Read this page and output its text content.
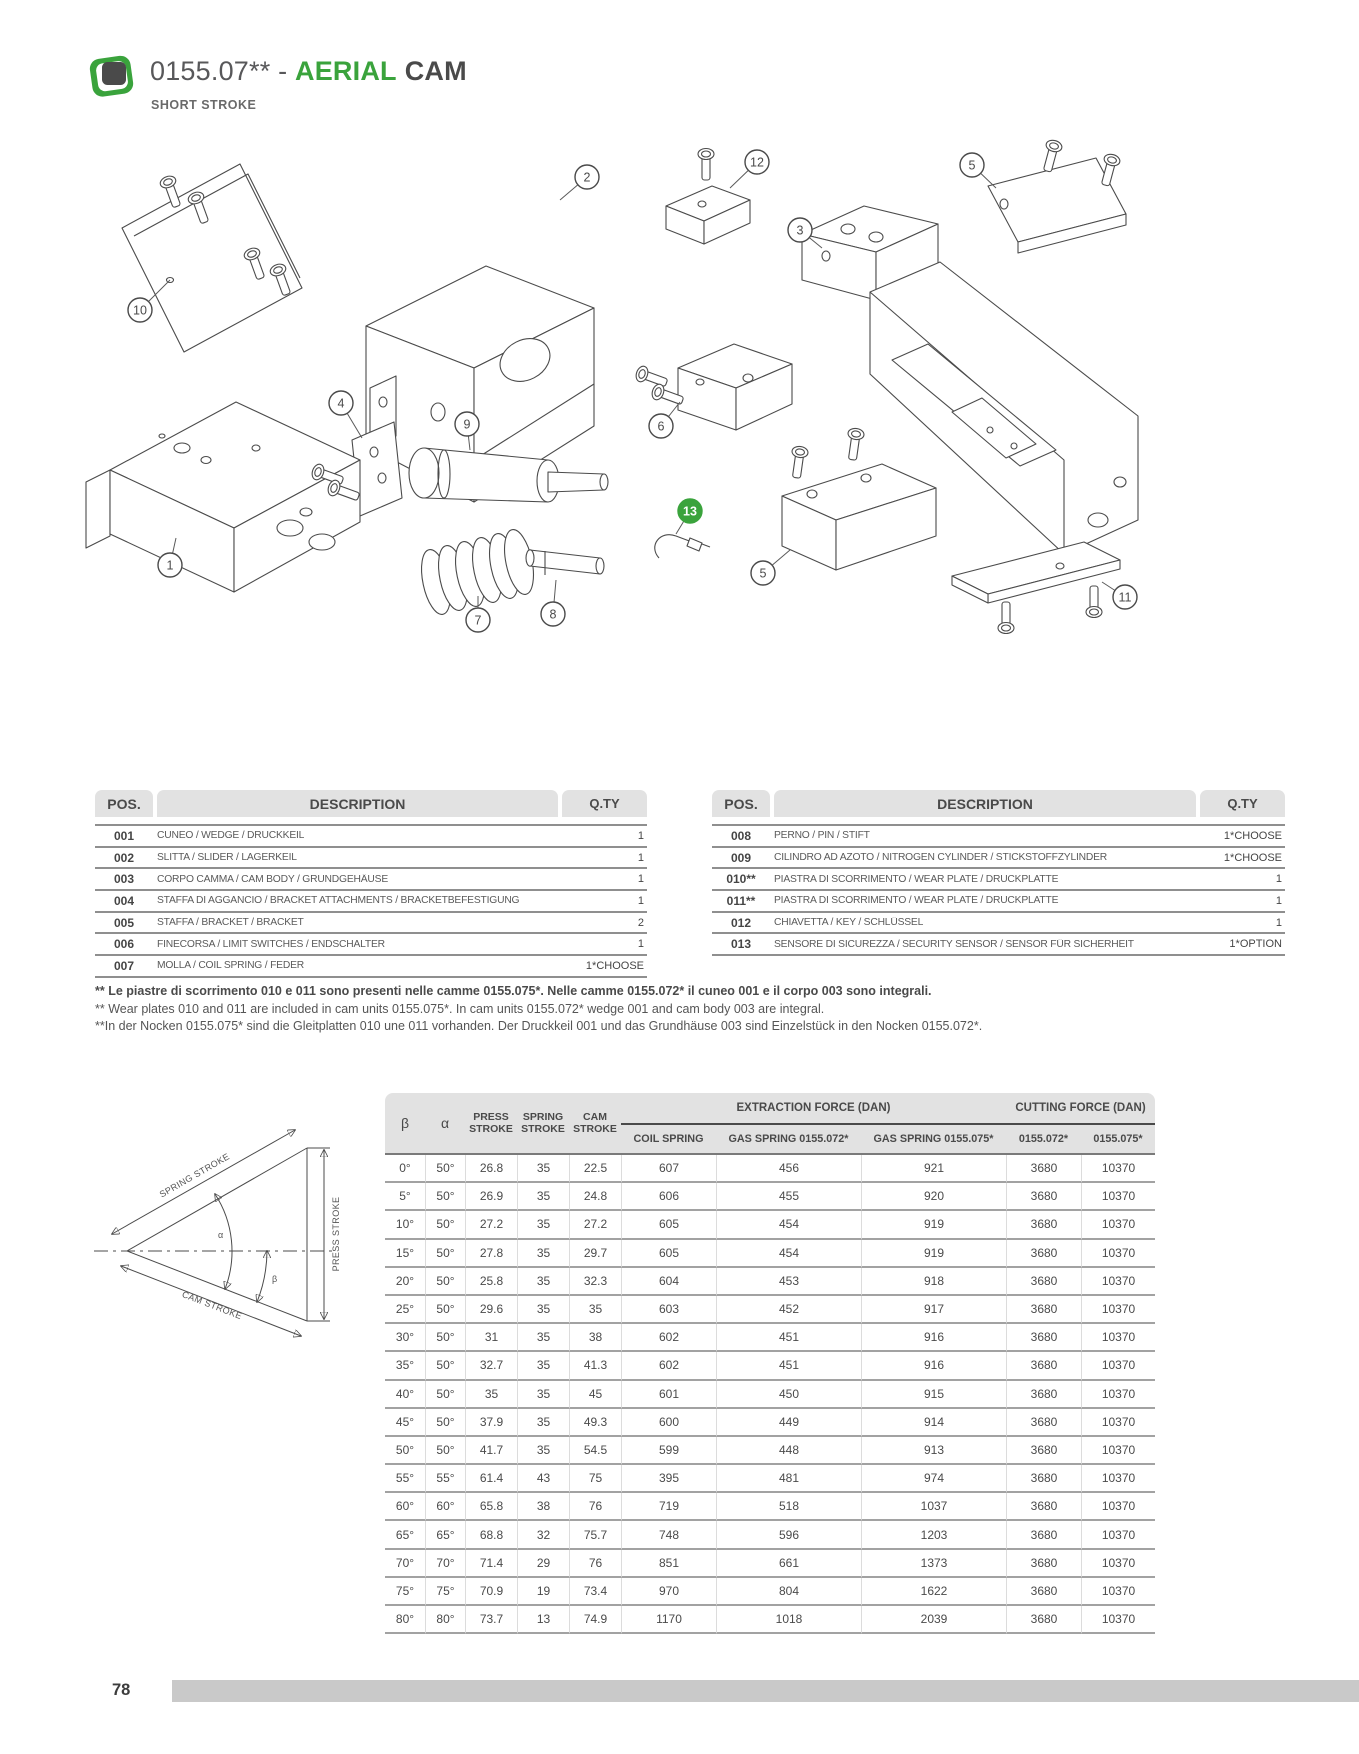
0155.07** - AERIAL CAM
SHORT STROKE
10
2
12
3
5
4
9	6
1
7	8
13
5
11
POS.	DESCRIPTION	Q.TY
001	CUNEO / WEDGE / DRUCKKEIL	1
002	SLITTA / SLIDER / LAGERKEIL	1
003	CORPO CAMMA / CAM BODY / GRUNDGEHÄUSE	1
004	STAFFA DI AGGANCIO / BRACKET ATTACHMENTS / BRACKETBEFESTIGUNG	1
005	STAFFA / BRACKET / BRACKET	2
006	FINECORSA / LIMIT SWITCHES / ENDSCHALTER	1
007	MOLLA / COIL SPRING / FEDER	1*CHOOSE
POS.	DESCRIPTION	Q.TY
008	PERNO / PIN / STIFT	1*CHOOSE
009	CILINDRO AD AZOTO / NITROGEN CYLINDER / STICKSTOFFZYLINDER	1*CHOOSE
010**	PIASTRA DI SCORRIMENTO / WEAR PLATE / DRUCKPLATTE	1
011**	PIASTRA DI SCORRIMENTO / WEAR PLATE / DRUCKPLATTE	1
012	CHIAVETTA / KEY / SCHLÜSSEL	1
013	SENSORE DI SICUREZZA / SECURITY SENSOR / SENSOR FÜR SICHERHEIT	1*OPTION
** Le piastre di scorrimento 010 e 011 sono presenti nelle camme 0155.075*. Nelle camme 0155.072* il cuneo 001 e il corpo 003 sono integrali.
** Wear plates 010 and 011 are included in cam units 0155.075*. In cam units 0155.072* wedge 001 and cam body 003 are integral.
**In der Nocken 0155.075* sind die Gleitplatten 010 une 011 vorhanden. Der Druckkeil 001 und das Grundhäuse 003 sind Einzelstück in den Nocken 0155.072*.
SPRING STROKE
CAM STROKE
PRESS STROKE
α
β
β	α	PRESS STROKE	SPRING STROKE	CAM STROKE	EXTRACTION FORCE (DAN)			CUTTING FORCE (DAN)	
					COIL SPRING	GAS SPRING 0155.072*	GAS SPRING 0155.075*	0155.072*	0155.075*
0°	50°	26.8	35	22.5	607	456	921	3680	10370
5°	50°	26.9	35	24.8	606	455	920	3680	10370
10°	50°	27.2	35	27.2	605	454	919	3680	10370
15°	50°	27.8	35	29.7	605	454	919	3680	10370
20°	50°	25.8	35	32.3	604	453	918	3680	10370
25°	50°	29.6	35	35	603	452	917	3680	10370
30°	50°	31	35	38	602	451	916	3680	10370
35°	50°	32.7	35	41.3	602	451	916	3680	10370
40°	50°	35	35	45	601	450	915	3680	10370
45°	50°	37.9	35	49.3	600	449	914	3680	10370
50°	50°	41.7	35	54.5	599	448	913	3680	10370
55°	55°	61.4	43	75	395	481	974	3680	10370
60°	60°	65.8	38	76	719	518	1037	3680	10370
65°	65°	68.8	32	75.7	748	596	1203	3680	10370
70°	70°	71.4	29	76	851	661	1373	3680	10370
75°	75°	70.9	19	73.4	970	804	1622	3680	10370
80°	80°	73.7	13	74.9	1170	1018	2039	3680	10370
78
